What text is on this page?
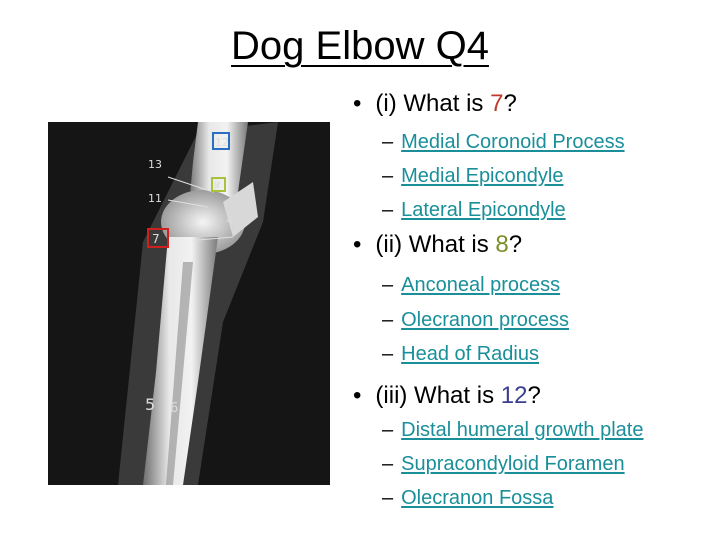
Dog Elbow Q4
12
13
11
8
7
4
5 6
• (i) What is 7?
– Medial Coronoid Process
– Medial Epicondyle
– Lateral Epicondyle
• (ii) What is 8?
– Anconeal process
– Olecranon process
– Head of Radius
• (iii) What is 12?
– Distal humeral growth plate
– Supracondyloid Foramen
– Olecranon Fossa
